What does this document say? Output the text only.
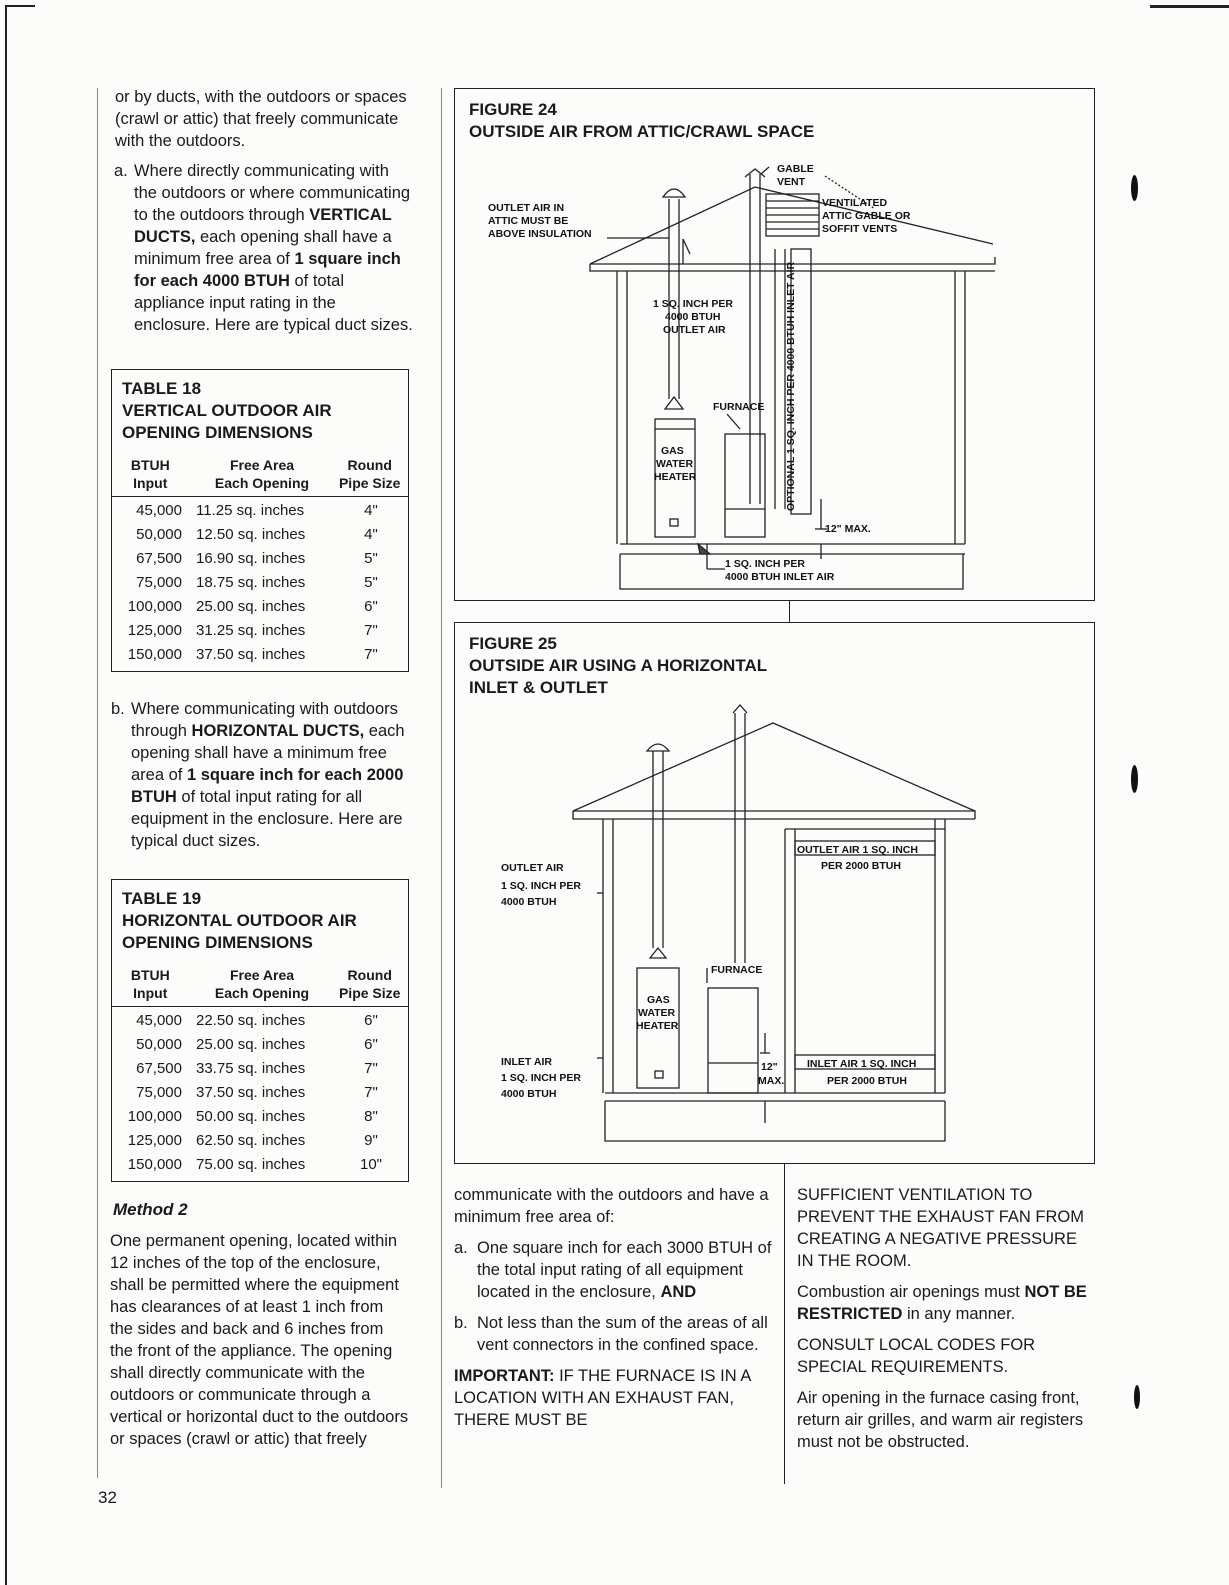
or by ducts, with the outdoors or spaces (crawl or attic) that freely communicate with the outdoors.
a. Where directly communicating with the outdoors or where communicating to the outdoors through VERTICAL DUCTS, each opening shall have a minimum free area of 1 square inch for each 4000 BTUH of total appliance input rating in the enclosure. Here are typical duct sizes.
TABLE 18
VERTICAL OUTDOOR AIR
OPENING DIMENSIONS
BTUH
Input
Free Area
Each Opening
Round
Pipe Size
45,000 11.25 sq. inches	4"
50,000 12.50 sq. inches	4"
67,500 16.90 sq. inches	5"
75,000 18.75 sq. inches	5"
100,000 25.00 sq. inches	6"
125,000 31.25 sq. inches	7"
150,000 37.50 sq. inches	7"
b. Where communicating with outdoors through HORIZONTAL DUCTS, each opening shall have a minimum free area of 1 square inch for each 2000 BTUH of total input rating for all equipment in the enclosure. Here are typical duct sizes.
TABLE 19
HORIZONTAL OUTDOOR AIR
OPENING DIMENSIONS
BTUH
Input
Free Area
Each Opening
Round
Pipe Size
45,000 22.50 sq. inches	6"
50,000 25.00 sq. inches	6"
67,500 33.75 sq. inches	7"
75,000 37.50 sq. inches	7"
100,000 50.00 sq. inches	8"
125,000 62.50 sq. inches	9"
150,000 75.00 sq. inches	10"
Method 2
One permanent opening, located within 12 inches of the top of the enclosure, shall be permitted where the equipment has clearances of at least 1 inch from the sides and back and 6 inches from the front of the appliance. The opening shall directly communicate with the outdoors or communicate through a vertical or horizontal duct to the outdoors or spaces (crawl or attic) that freely
32
FIGURE 24
OUTSIDE AIR FROM ATTIC/CRAWL SPACE
GABLE
VENT
VENTILATED
ATTIC GABLE OR
SOFFIT VENTS
OUTLET AIR IN
ATTIC MUST BE
ABOVE INSULATION
1 SQ. INCH PER
4000 BTUH
OUTLET AIR
FURNACE
GAS
WATER
HEATER	OPTIONAL 1 SQ. INCH PER 4000 BTUH INLET AIR
12" MAX.
1 SQ. INCH PER
4000 BTUH INLET AIR
FIGURE 25
OUTSIDE AIR USING A HORIZONTAL
INLET & OUTLET
OUTLET AIR
1 SQ. INCH PER
4000 BTUH
INLET AIR
1 SQ. INCH PER
4000 BTUH
FURNACE
GAS
WATER
HEATER
OUTLET AIR 1 SQ. INCH
PER 2000 BTUH
INLET AIR 1 SQ. INCH
PER 2000 BTUH
12"
MAX.

communicate with the outdoors and have a minimum free area of:

a. One square inch for each 3000 BTUH of the total input rating of all equipment located in the enclosure, AND
b. Not less than the sum of the areas of all vent connectors in the confined space.

IMPORTANT: IF THE FURNACE IS IN A LOCATION WITH AN EXHAUST FAN, THERE MUST BE

SUFFICIENT VENTILATION TO PREVENT THE EXHAUST FAN FROM CREATING A NEGATIVE PRESSURE IN THE ROOM.

Combustion air openings must NOT BE RESTRICTED in any manner.

CONSULT LOCAL CODES FOR SPECIAL REQUIREMENTS.

Air opening in the furnace casing front, return air grilles, and warm air registers must not be obstructed.
